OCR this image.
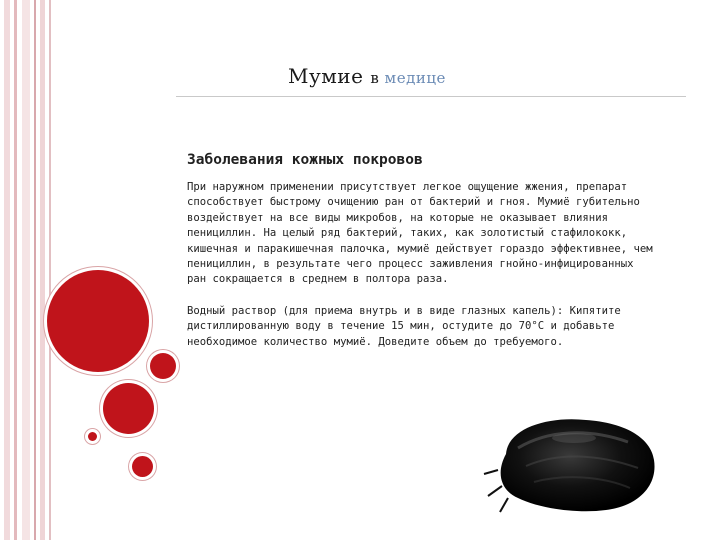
Мумие в медице
Заболевания кожных покровов

При наружном применении присутствует легкое ощущение жжения, препарат способствует быстрому очищению ран от бактерий и гноя. Мумиё губительно воздействует на все виды микробов, на которые не оказывает влияния пенициллин. На целый ряд бактерий, таких, как золотистый стафилококк, кишечная и паракишечная палочка, мумиё действует гораздо эффективнее, чем пенициллин, в результате чего процесс заживления гнойно-инфицированных ран сокращается в среднем в полтора раза.

Водный раствор (для приема внутрь и в виде глазных капель): Кипятите дистиллированную воду в течение 15 мин, остудите до 70°С и добавьте необходимое количество мумиё. Доведите объем до требуемого.
